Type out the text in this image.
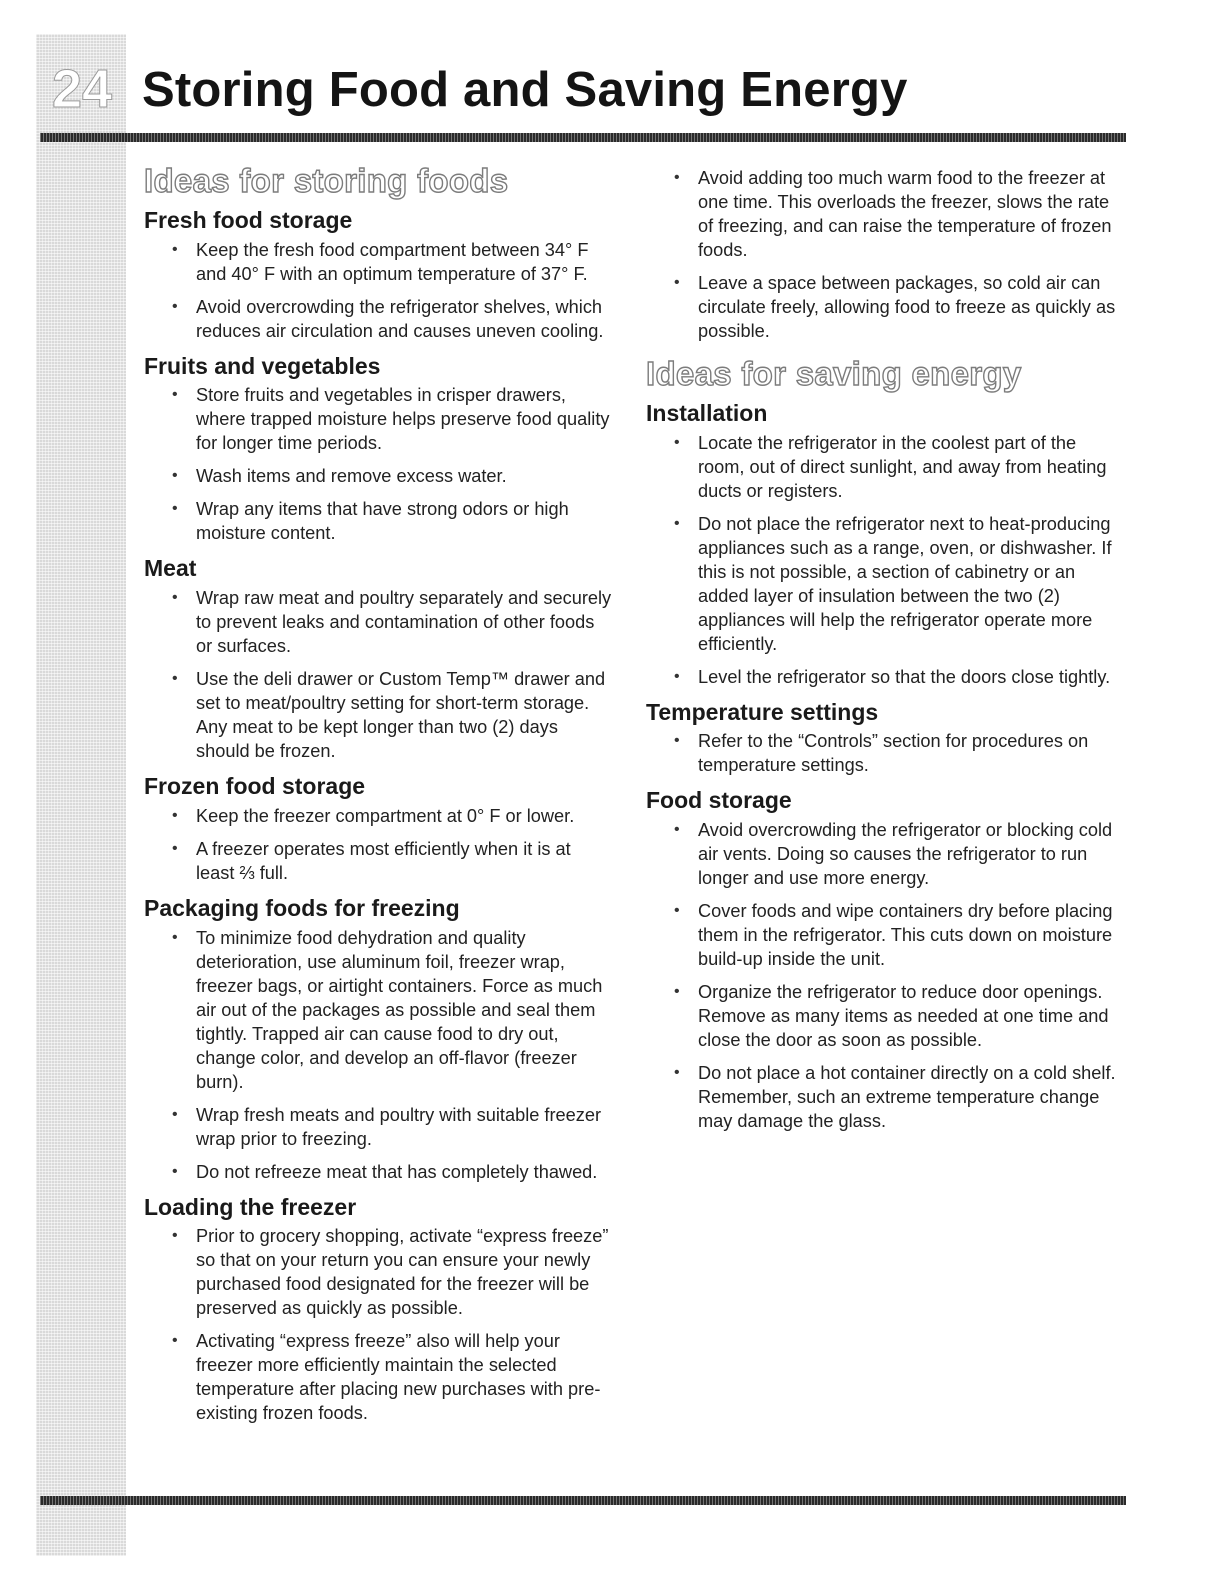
24 Storing Food and Saving Energy
Ideas for storing foods
Fresh food storage
• Keep the fresh food compartment between 34° F and 40° F with an optimum temperature of 37° F.
• Avoid overcrowding the refrigerator shelves, which reduces air circulation and causes uneven cooling.
Fruits and vegetables
• Store fruits and vegetables in crisper drawers, where trapped moisture helps preserve food quality for longer time periods.
• Wash items and remove excess water.
• Wrap any items that have strong odors or high moisture content.
Meat
• Wrap raw meat and poultry separately and securely to prevent leaks and contamination of other foods or surfaces.
• Use the deli drawer or Custom Temp™ drawer and set to meat/poultry setting for short-term storage. Any meat to be kept longer than two (2) days should be frozen.
Frozen food storage
• Keep the freezer compartment at 0° F or lower.
• A freezer operates most efficiently when it is at least ⅔ full.
Packaging foods for freezing
• To minimize food dehydration and quality deterioration, use aluminum foil, freezer wrap, freezer bags, or airtight containers. Force as much air out of the packages as possible and seal them tightly. Trapped air can cause food to dry out, change color, and develop an off-flavor (freezer burn).
• Wrap fresh meats and poultry with suitable freezer wrap prior to freezing.
• Do not refreeze meat that has completely thawed.
Loading the freezer
• Prior to grocery shopping, activate “express freeze” so that on your return you can ensure your newly purchased food designated for the freezer will be preserved as quickly as possible.
• Activating “express freeze” also will help your freezer more efficiently maintain the selected temperature after placing new purchases with pre-existing frozen foods.
• Avoid adding too much warm food to the freezer at one time. This overloads the freezer, slows the rate of freezing, and can raise the temperature of frozen foods.
• Leave a space between packages, so cold air can circulate freely, allowing food to freeze as quickly as possible.
Ideas for saving energy
Installation
• Locate the refrigerator in the coolest part of the room, out of direct sunlight, and away from heating ducts or registers.
• Do not place the refrigerator next to heat-producing appliances such as a range, oven, or dishwasher. If this is not possible, a section of cabinetry or an added layer of insulation between the two (2) appliances will help the refrigerator operate more efficiently.
• Level the refrigerator so that the doors close tightly.
Temperature settings
• Refer to the “Controls” section for procedures on temperature settings.
Food storage
• Avoid overcrowding the refrigerator or blocking cold air vents. Doing so causes the refrigerator to run longer and use more energy.
• Cover foods and wipe containers dry before placing them in the refrigerator. This cuts down on moisture build-up inside the unit.
• Organize the refrigerator to reduce door openings. Remove as many items as needed at one time and close the door as soon as possible.
• Do not place a hot container directly on a cold shelf. Remember, such an extreme temperature change may damage the glass.
